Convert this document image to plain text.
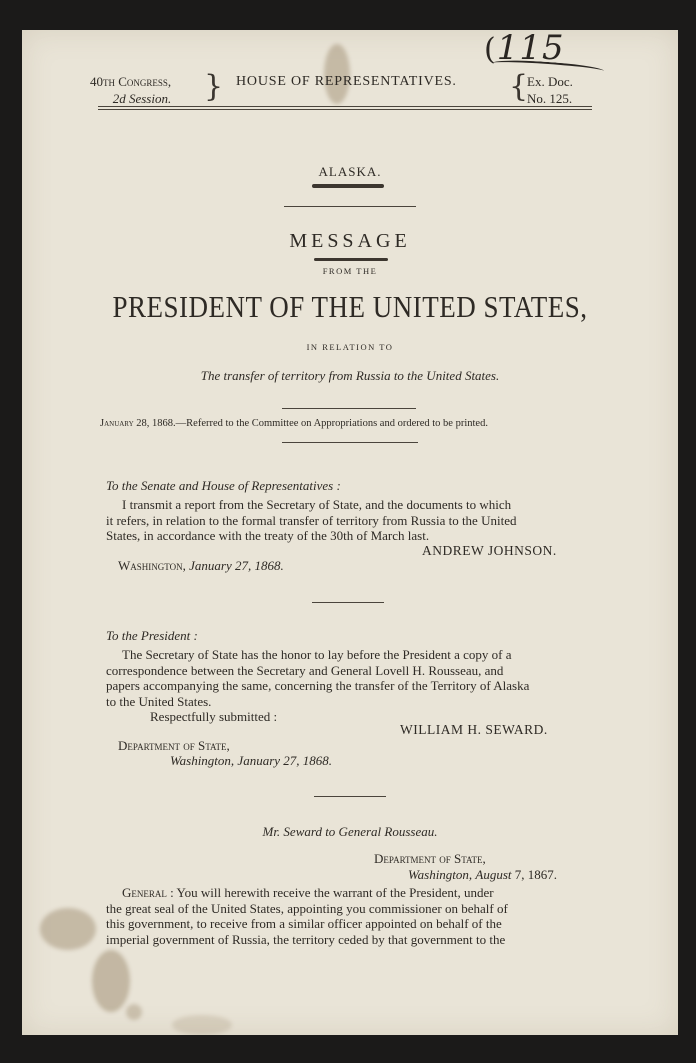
(115
40th Congress,
2d Session. } HOUSE OF REPRESENTATIVES. {
Ex. Doc.
No. 125.
ALASKA.
MESSAGE
FROM THE
PRESIDENT OF THE UNITED STATES,
IN RELATION TO
The transfer of territory from Russia to the United States.
January 28, 1868.—Referred to the Committee on Appropriations and ordered to be printed.
To the Senate and House of Representatives :
I transmit a report from the Secretary of State, and the documents to which
it refers, in relation to the formal transfer of territory from Russia to the United
States, in accordance with the treaty of the 30th of March last.
ANDREW JOHNSON.
Washington, January 27, 1868.
To the President :
The Secretary of State has the honor to lay before the President a copy of a
correspondence between the Secretary and General Lovell H. Rousseau, and
papers accompanying the same, concerning the transfer of the Territory of Alaska
to the United States.
Respectfully submitted :
WILLIAM H. SEWARD.
Department of State,
Washington, January 27, 1868.
Mr. Seward to General Rousseau.
Department of State,
Washington, August 7, 1867.
General : You will herewith receive the warrant of the President, under
the great seal of the United States, appointing you commissioner on behalf of
this government, to receive from a similar officer appointed on behalf of the
imperial government of Russia, the territory ceded by that government to the
